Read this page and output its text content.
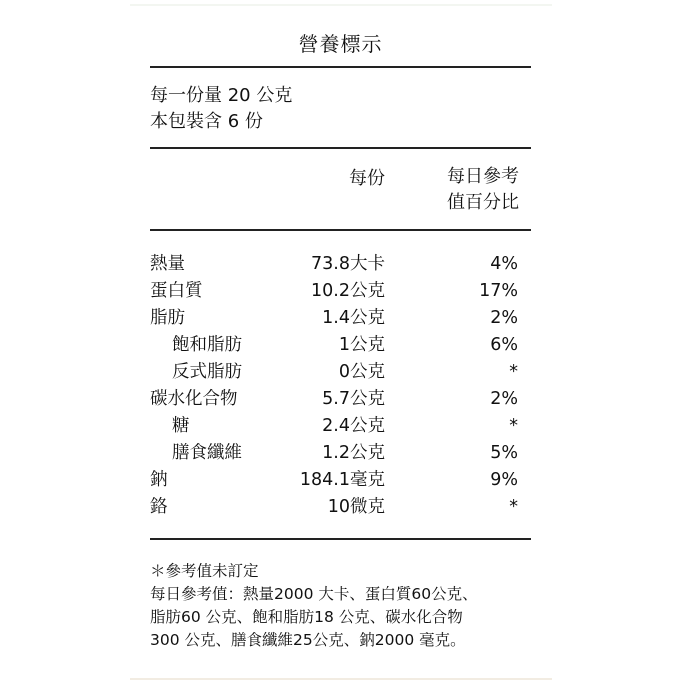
營養標示
每一份量 20 公克
本包裝含 6 份
每份	每日參考
值百分比
熱量	73.8大卡	4%
蛋白質	10.2公克	17%
脂肪	1.4公克	2%
飽和脂肪	1公克	6%
反式脂肪	0公克	*
碳水化合物	5.7公克	2%
糖	2.4公克	*
膳食纖維	1.2公克	5%
鈉	184.1毫克	9%
鉻	10微克	*
＊參考值未訂定
每日參考值：熱量2000 大卡、蛋白質60公克、
脂肪60 公克、飽和脂肪18 公克、碳水化合物
300 公克、膳食纖維25公克、鈉2000 毫克。
